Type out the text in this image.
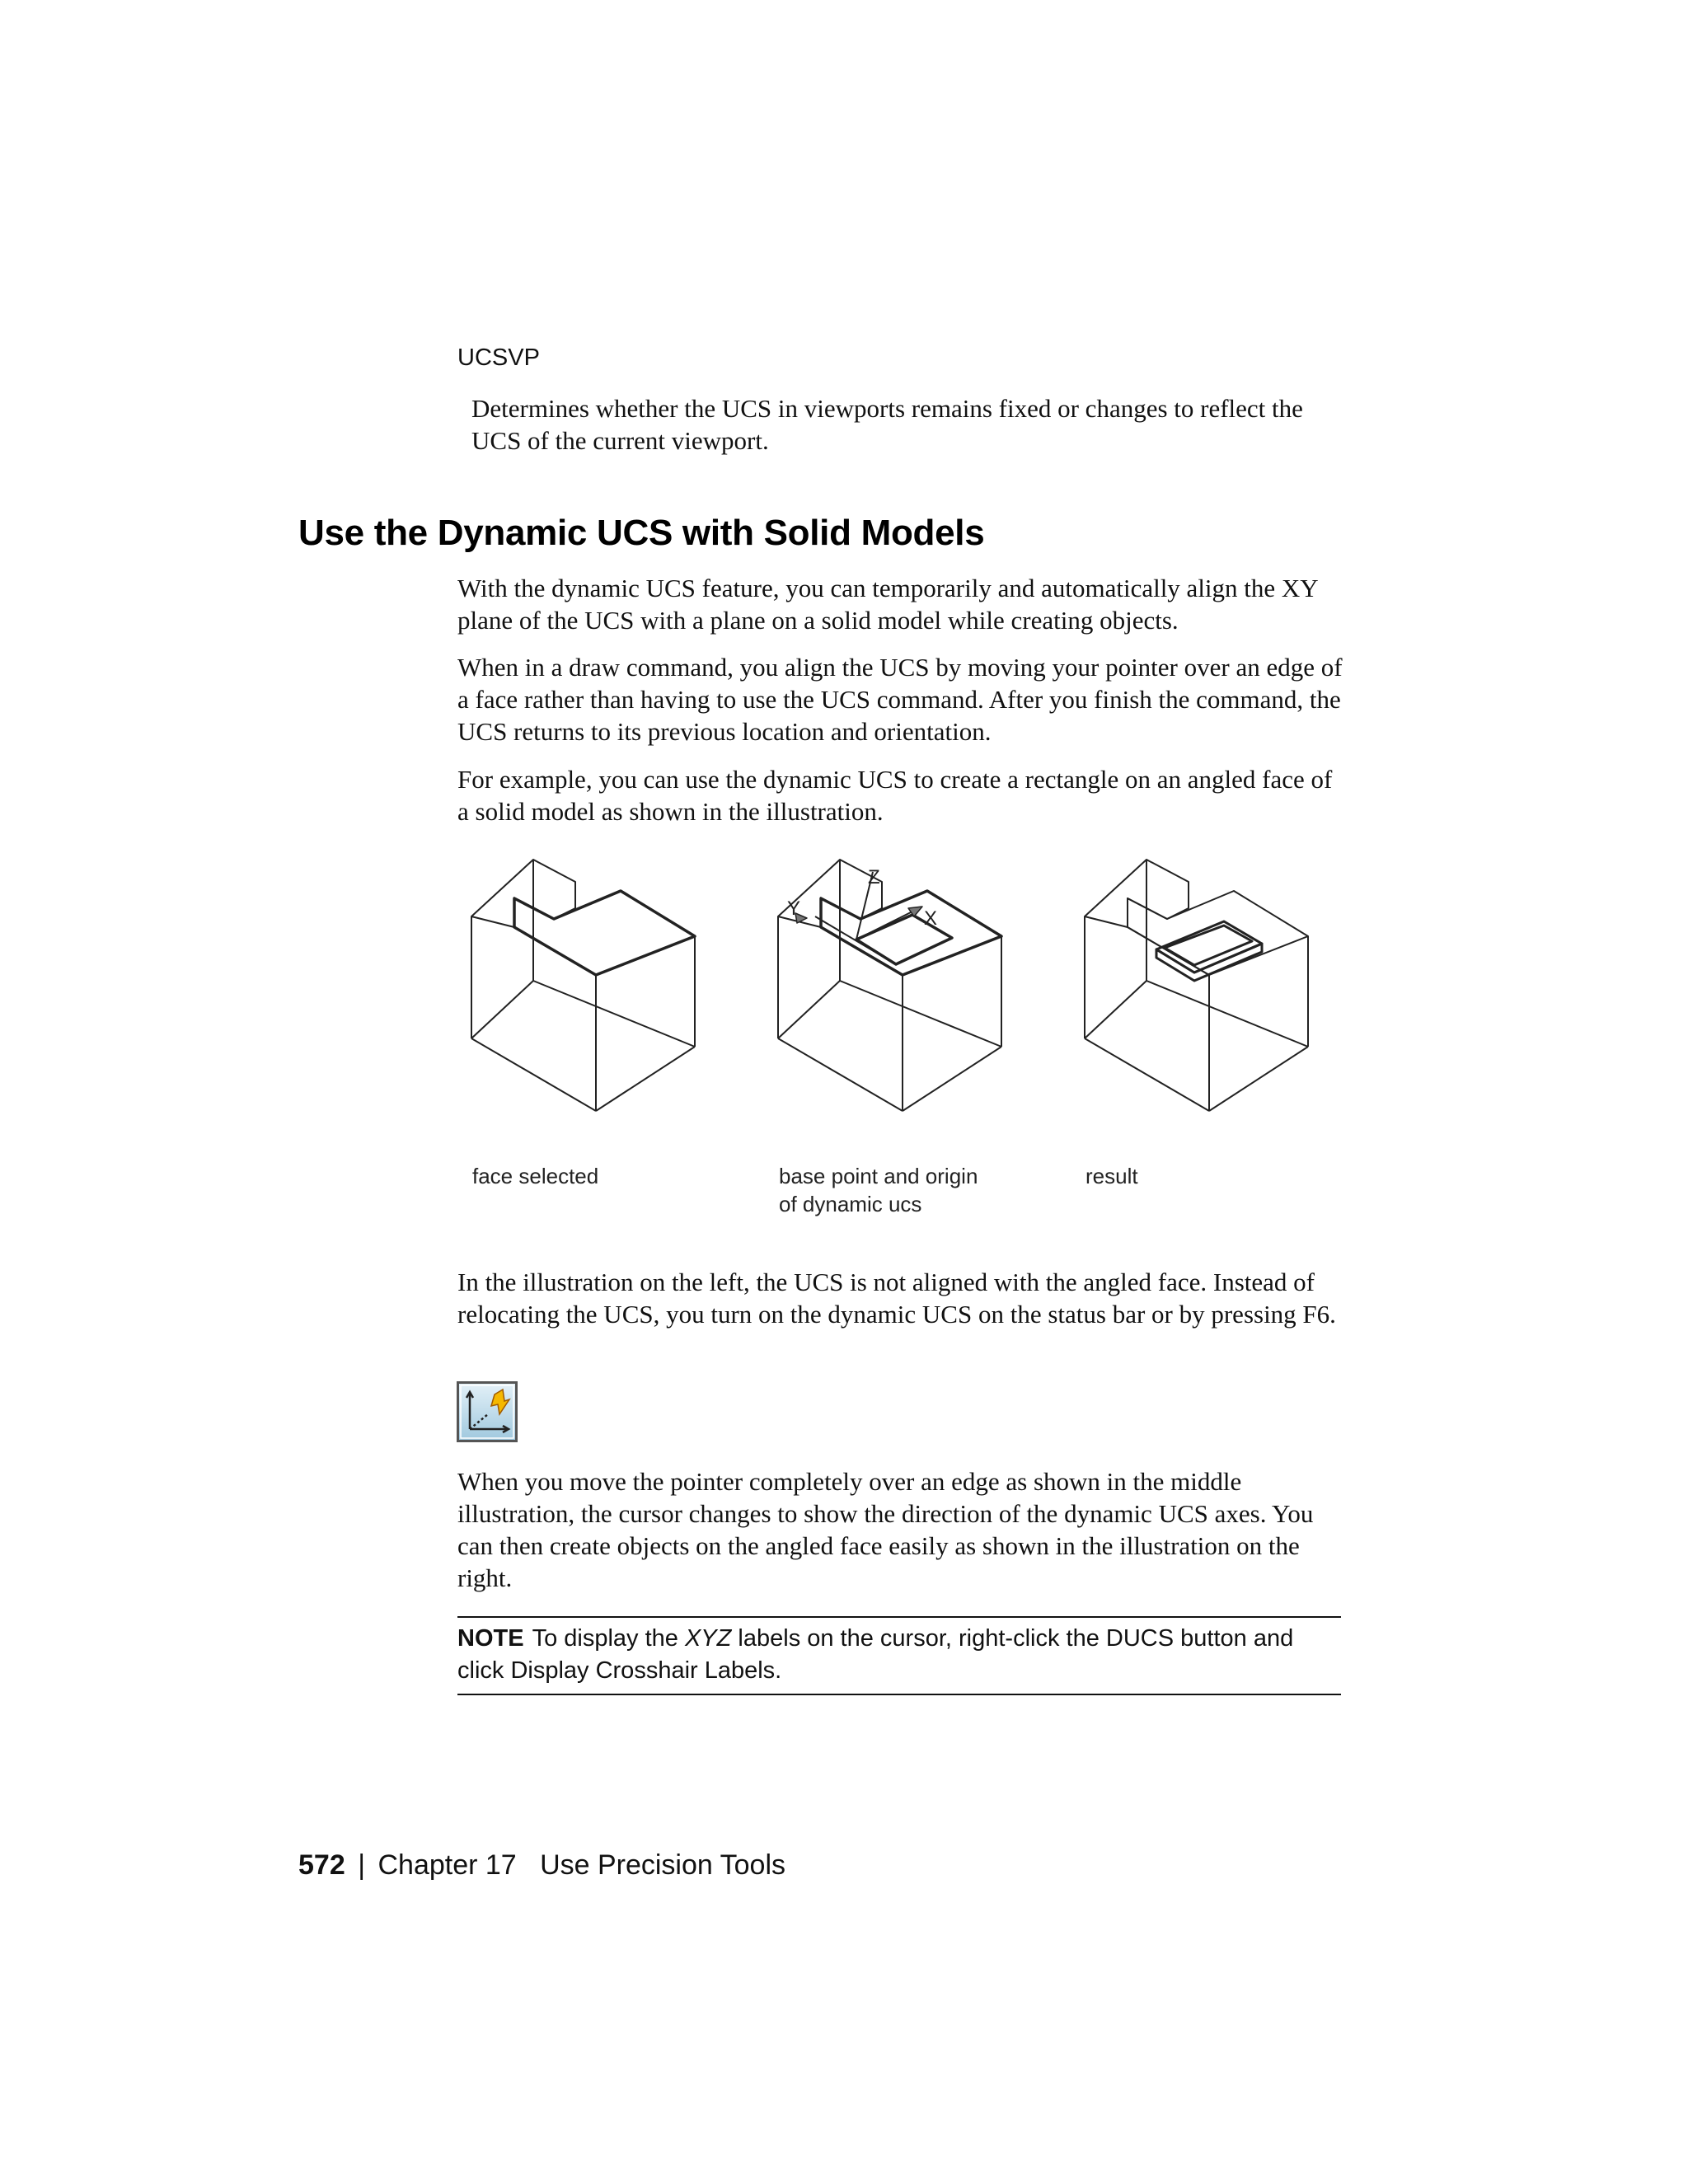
UCSVP
Determines whether the UCS in viewports remains fixed or changes to reflect the UCS of the current viewport.
Use the Dynamic UCS with Solid Models

With the dynamic UCS feature, you can temporarily and automatically align the XY plane of the UCS with a plane on a solid model while creating objects.

When in a draw command, you align the UCS by moving your pointer over an edge of a face rather than having to use the UCS command. After you finish the command, the UCS returns to its previous location and orientation.

For example, you can use the dynamic UCS to create a rectangle on an angled face of a solid model as shown in the illustration.

Z
Y	X
face selected	base point and origin
of dynamic ucs
result

In the illustration on the left, the UCS is not aligned with the angled face. Instead of relocating the UCS, you turn on the dynamic UCS on the status bar or by pressing F6.

When you move the pointer completely over an edge as shown in the middle illustration, the cursor changes to show the direction of the dynamic UCS axes. You can then create objects on the angled face easily as shown in the illustration on the right.

NOTE To display the XYZ labels on the cursor, right-click the DUCS button and click Display Crosshair Labels.
572 | Chapter 17 Use Precision Tools
